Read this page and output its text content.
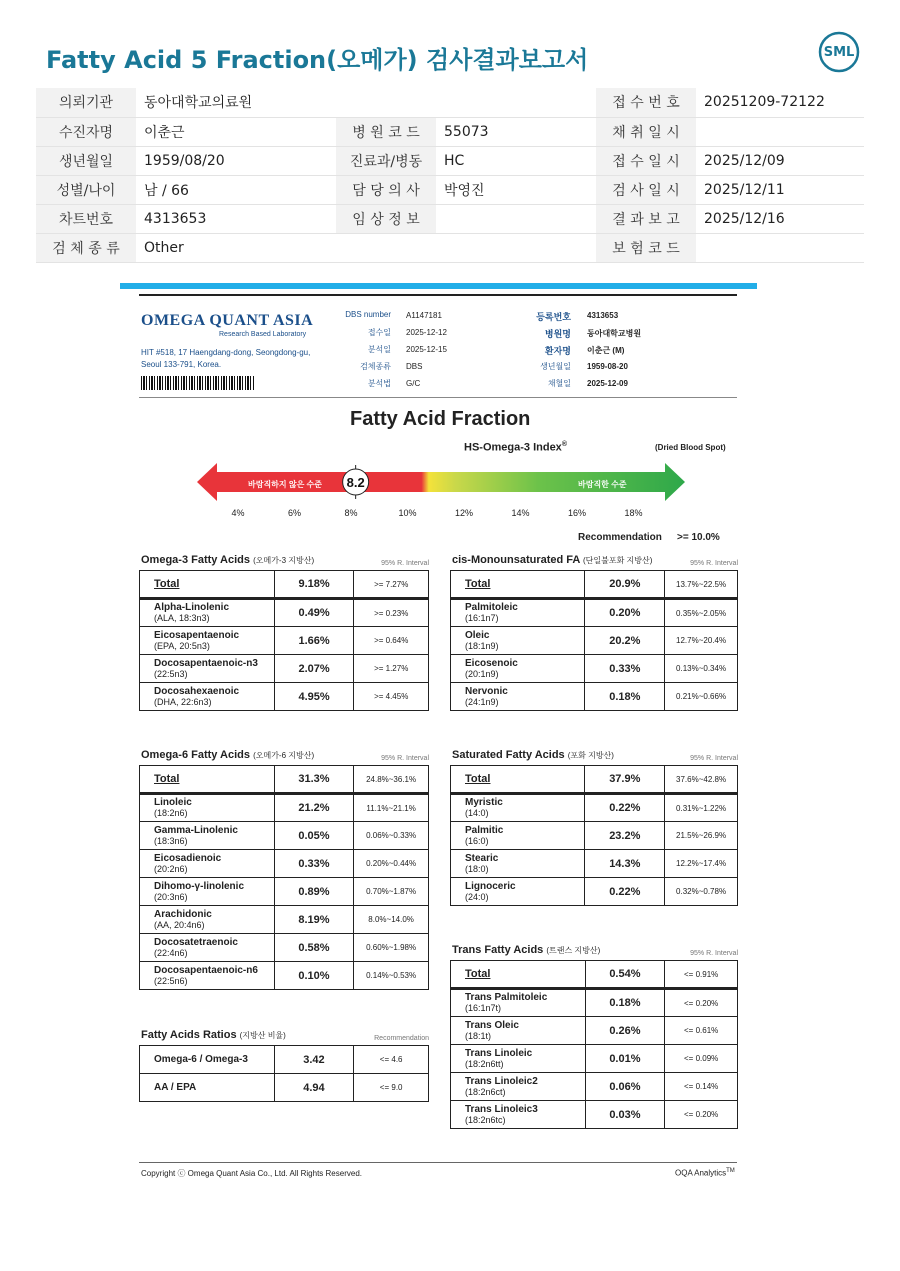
Fatty Acid 5 Fraction(오메가) 검사결과보고서	SML
의뢰기관	동아대학교의료원			접 수 번 호	20251209-72122
수진자명	이춘근	병 원 코 드	55073	채 취 일 시	
생년월일	1959/08/20	진료과/병동	HC	접 수 일 시	2025/12/09
성별/나이	남 / 66	담 당 의 사	박영진	검 사 일 시	2025/12/11
차트번호	4313653	임 상 정 보		결 과 보 고	2025/12/16
검 체 종 류	Other			보 험 코 드	
OMEGA QUANT ASIA
Research Based Laboratory
HIT #518, 17 Haengdang-dong, Seongdong-gu,
Seoul 133-791, Korea.
DBS number A1147181
접수일 2025-12-12
분석일 2025-12-15
검체종류 DBS
분석법 G/C
등록번호 4313653
병원명 동아대학교병원
환자명 이춘근 (M)
생년월일 1959-08-20
채혈일 2025-12-09
Fatty Acid Fraction
HS-Omega-3 Index®	(Dried Blood Spot)
8.2
바람직하지 않은 수준	바람직한 수준
4%	6%	8%	10%	12%	14%	16%	18%
Recommendation >= 10.0%
Omega-3 Fatty Acids (오메가-3 지방산)	95% R. Interval
Total	9.18%	>= 7.27%
Alpha-Linolenic
(ALA, 18:3n3)	0.49%	>= 0.23%
Eicosapentaenoic
(EPA, 20:5n3)	1.66%	>= 0.64%
Docosapentaenoic-n3
(22:5n3)	2.07%	>= 1.27%
Docosahexaenoic
(DHA, 22:6n3)	4.95%	>= 4.45%
cis-Monounsaturated FA (단일불포화 지방산)	95% R. Interval
Total	20.9%	13.7%~22.5%
Palmitoleic
(16:1n7)	0.20%	0.35%~2.05%
Oleic
(18:1n9)	20.2%	12.7%~20.4%
Eicosenoic
(20:1n9)	0.33%	0.13%~0.34%
Nervonic
(24:1n9)	0.18%	0.21%~0.66%
Omega-6 Fatty Acids (오메가-6 지방산)	95% R. Interval
Total	31.3%	24.8%~36.1%
Linoleic
(18:2n6)	21.2%	11.1%~21.1%
Gamma-Linolenic
(18:3n6)	0.05%	0.06%~0.33%
Eicosadienoic
(20:2n6)	0.33%	0.20%~0.44%
Dihomo-γ-linolenic
(20:3n6)	0.89%	0.70%~1.87%
Arachidonic
(AA, 20:4n6)	8.19%	8.0%~14.0%
Docosatetraenoic
(22:4n6)	0.58%	0.60%~1.98%
Docosapentaenoic-n6
(22:5n6)	0.10%	0.14%~0.53%
Saturated Fatty Acids (포화 지방산)	95% R. Interval
Total	37.9%	37.6%~42.8%
Myristic
(14:0)	0.22%	0.31%~1.22%
Palmitic
(16:0)	23.2%	21.5%~26.9%
Stearic
(18:0)	14.3%	12.2%~17.4%
Lignoceric
(24:0)	0.22%	0.32%~0.78%
Trans Fatty Acids (트랜스 지방산)	95% R. Interval
Total	0.54%	<= 0.91%
Trans Palmitoleic
(16:1n7t)	0.18%	<= 0.20%
Trans Oleic
(18:1t)	0.26%	<= 0.61%
Trans Linoleic
(18:2n6tt)	0.01%	<= 0.09%
Trans Linoleic2
(18:2n6ct)	0.06%	<= 0.14%
Trans Linoleic3
(18:2n6tc)	0.03%	<= 0.20%
Fatty Acids Ratios (지방산 비율)	Recommendation
Omega-6 / Omega-3	3.42	<= 4.6
AA / EPA	4.94	<= 9.0
Copyright ⓒ Omega Quant Asia Co., Ltd. All Rights Reserved.	OQA Analytics™
